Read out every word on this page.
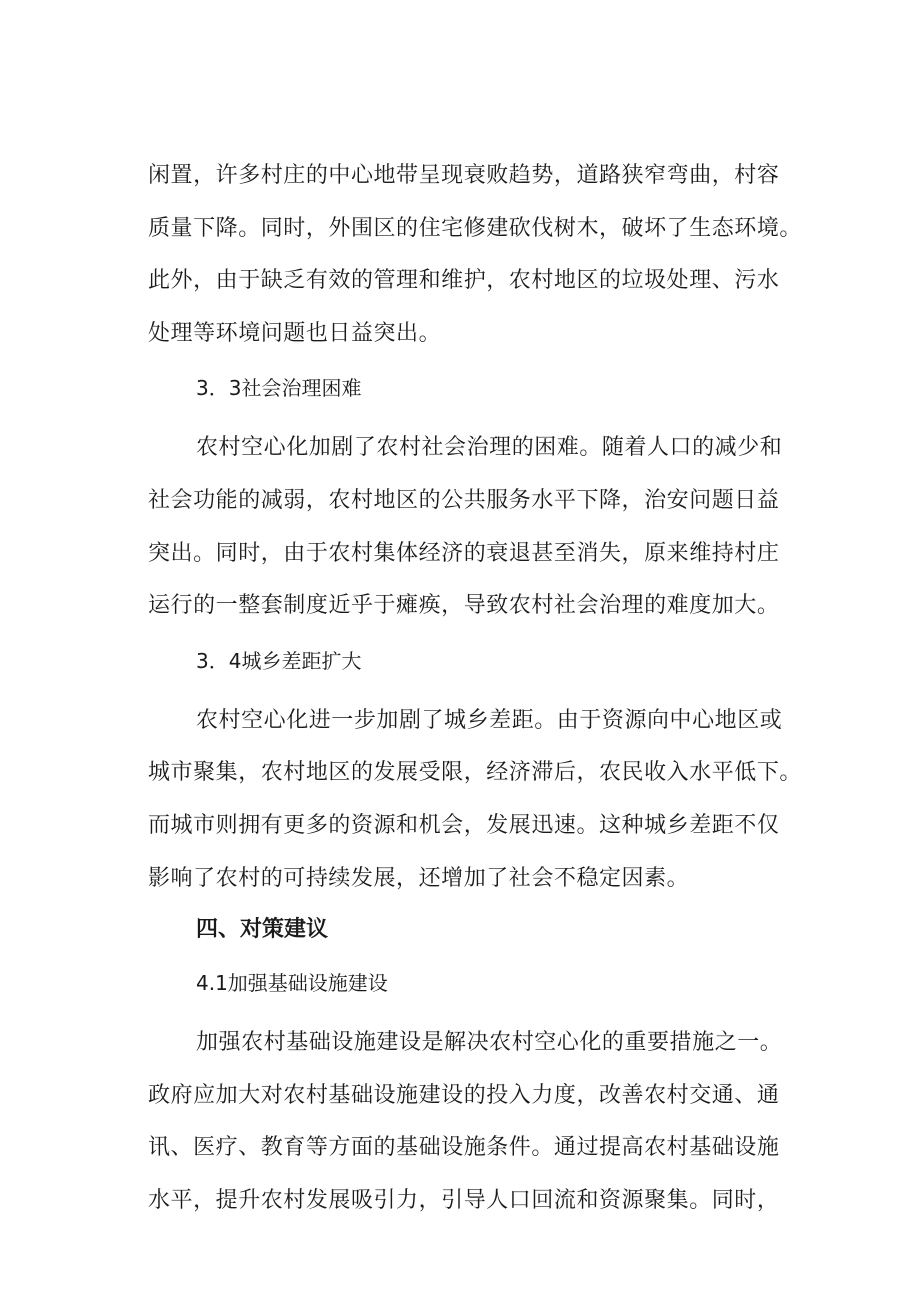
闲置，许多村庄的中心地带呈现衰败趋势，道路狭窄弯曲，村容
质量下降。同时，外围区的住宅修建砍伐树木，破坏了生态环境。
此外，由于缺乏有效的管理和维护，农村地区的垃圾处理、污水
处理等环境问题也日益突出。

3．3社会治理困难

农村空心化加剧了农村社会治理的困难。随着人口的减少和
社会功能的减弱，农村地区的公共服务水平下降，治安问题日益
突出。同时，由于农村集体经济的衰退甚至消失，原来维持村庄
运行的一整套制度近乎于瘫痪，导致农村社会治理的难度加大。

3．4城乡差距扩大

农村空心化进一步加剧了城乡差距。由于资源向中心地区或
城市聚集，农村地区的发展受限，经济滞后，农民收入水平低下。
而城市则拥有更多的资源和机会，发展迅速。这种城乡差距不仅
影响了农村的可持续发展，还增加了社会不稳定因素。

四、对策建议

4.1加强基础设施建设

加强农村基础设施建设是解决农村空心化的重要措施之一。
政府应加大对农村基础设施建设的投入力度，改善农村交通、通
讯、医疗、教育等方面的基础设施条件。通过提高农村基础设施
水平，提升农村发展吸引力，引导人口回流和资源聚集。同时，
